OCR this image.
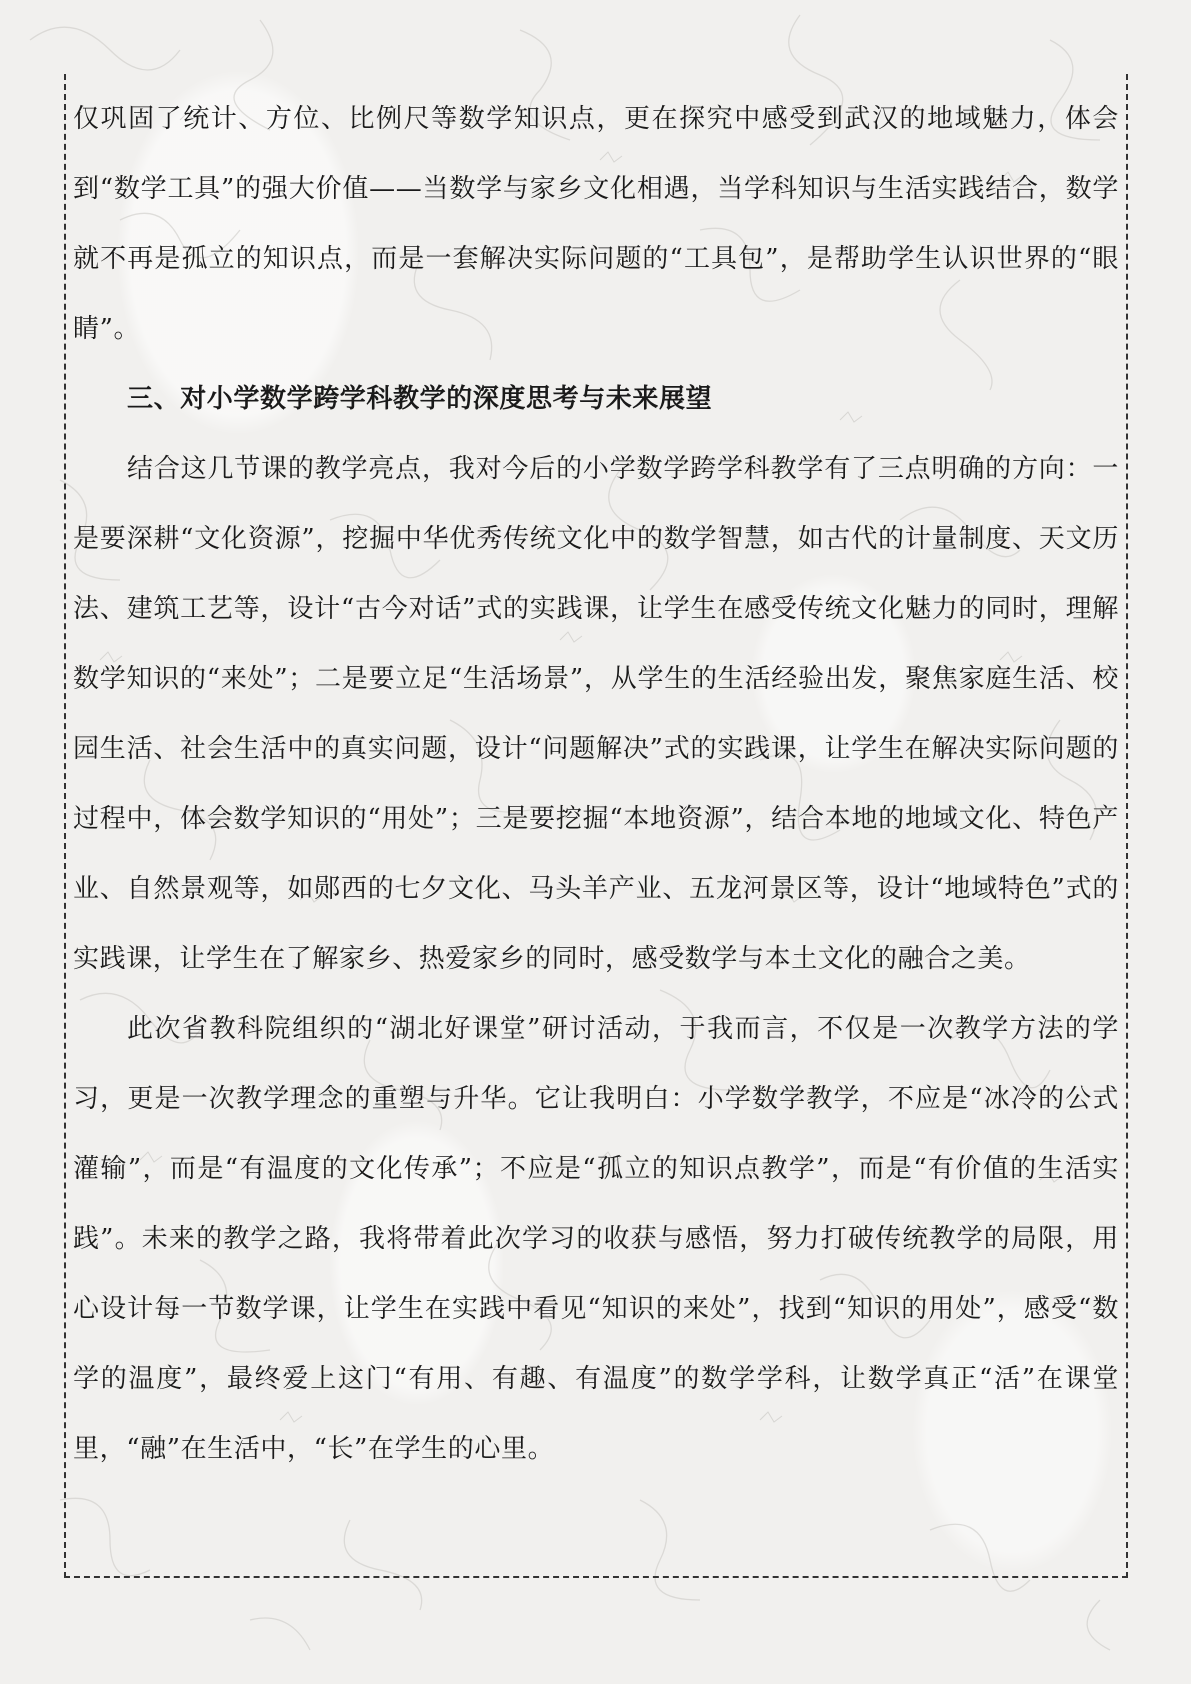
仅巩固了统计、方位、比例尺等数学知识点，更在探究中感受到武汉的地域魅力，体会到“数学工具”的强大价值——当数学与家乡文化相遇，当学科知识与生活实践结合，数学就不再是孤立的知识点，而是一套解决实际问题的“工具包”，是帮助学生认识世界的“眼睛”。

三、对小学数学跨学科教学的深度思考与未来展望

结合这几节课的教学亮点，我对今后的小学数学跨学科教学有了三点明确的方向：一是要深耕“文化资源”，挖掘中华优秀传统文化中的数学智慧，如古代的计量制度、天文历法、建筑工艺等，设计“古今对话”式的实践课，让学生在感受传统文化魅力的同时，理解数学知识的“来处”；二是要立足“生活场景”，从学生的生活经验出发，聚焦家庭生活、校园生活、社会生活中的真实问题，设计“问题解决”式的实践课，让学生在解决实际问题的过程中，体会数学知识的“用处”；三是要挖掘“本地资源”，结合本地的地域文化、特色产业、自然景观等，如郧西的七夕文化、马头羊产业、五龙河景区等，设计“地域特色”式的实践课，让学生在了解家乡、热爱家乡的同时，感受数学与本土文化的融合之美。

此次省教科院组织的“湖北好课堂”研讨活动，于我而言，不仅是一次教学方法的学习，更是一次教学理念的重塑与升华。它让我明白：小学数学教学，不应是“冰冷的公式灌输”，而是“有温度的文化传承”；不应是“孤立的知识点教学”，而是“有价值的生活实践”。未来的教学之路，我将带着此次学习的收获与感悟，努力打破传统教学的局限，用心设计每一节数学课，让学生在实践中看见“知识的来处”，找到“知识的用处”，感受“数学的温度”，最终爱上这门“有用、有趣、有温度”的数学学科，让数学真正“活”在课堂里，“融”在生活中，“长”在学生的心里。
